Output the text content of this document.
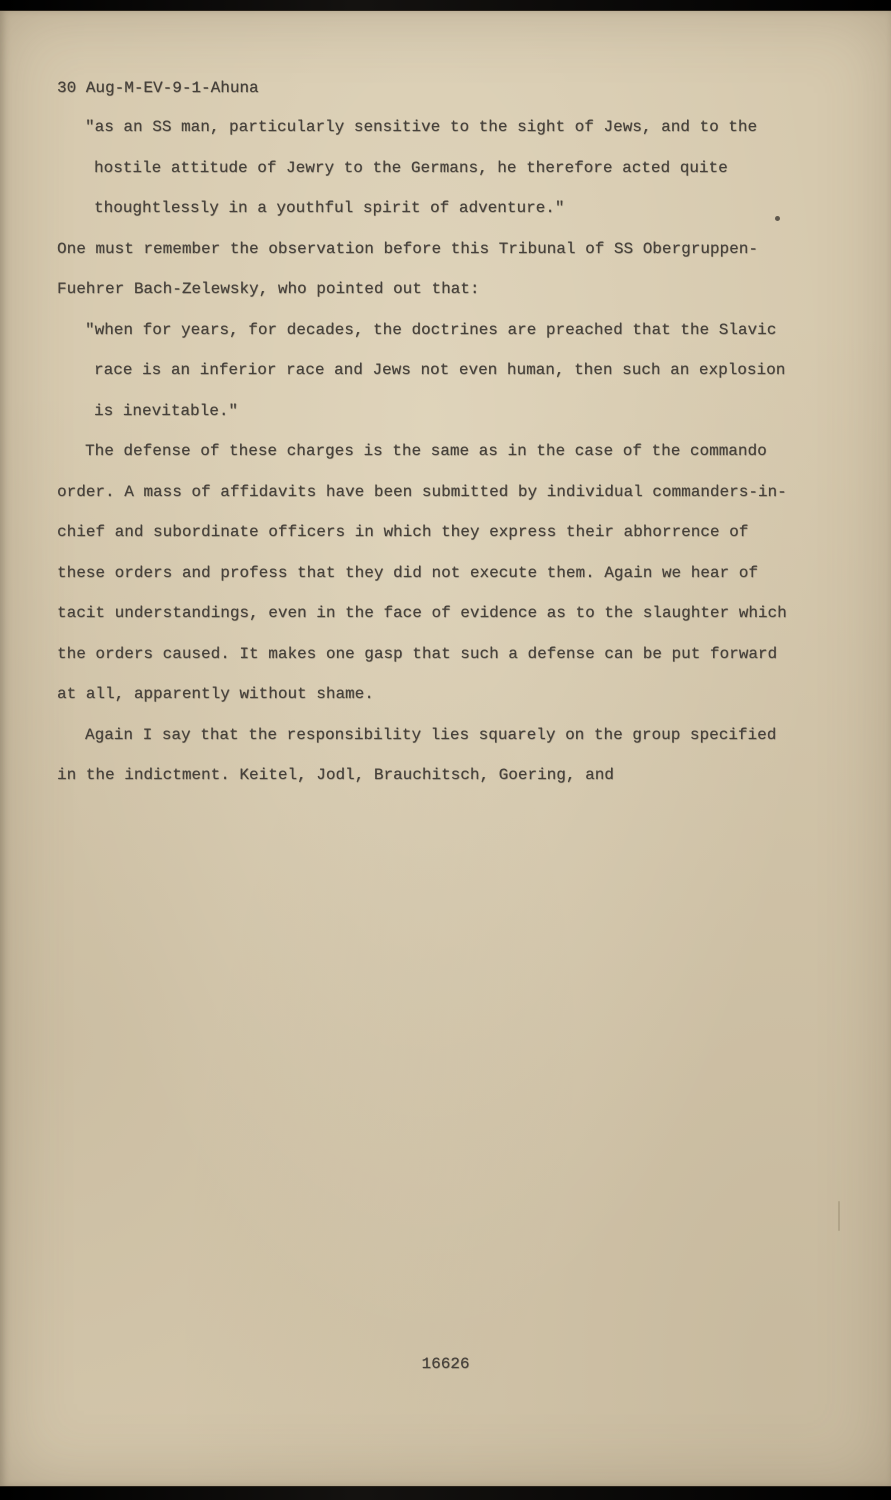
30 Aug-M-EV-9-1-Ahuna
"as an SS man, particularly sensitive to the sight of Jews, and to the
hostile attitude of Jewry to the Germans, he therefore acted quite
thoughtlessly in a youthful spirit of adventure."
One must remember the observation before this Tribunal of SS Obergruppen-
Fuehrer Bach-Zelewsky, who pointed out that:
"when for years, for decades, the doctrines are preached that the Slavic
race is an inferior race and Jews not even human, then such an explosion
is inevitable."
The defense of these charges is the same as in the case of the commando
order. A mass of affidavits have been submitted by individual commanders-in-
chief and subordinate officers in which they express their abhorrence of
these orders and profess that they did not execute them. Again we hear of
tacit understandings, even in the face of evidence as to the slaughter which
the orders caused. It makes one gasp that such a defense can be put forward
at all, apparently without shame.
Again I say that the responsibility lies squarely on the group specified
in the indictment. Keitel, Jodl, Brauchitsch, Goering, and
16626
